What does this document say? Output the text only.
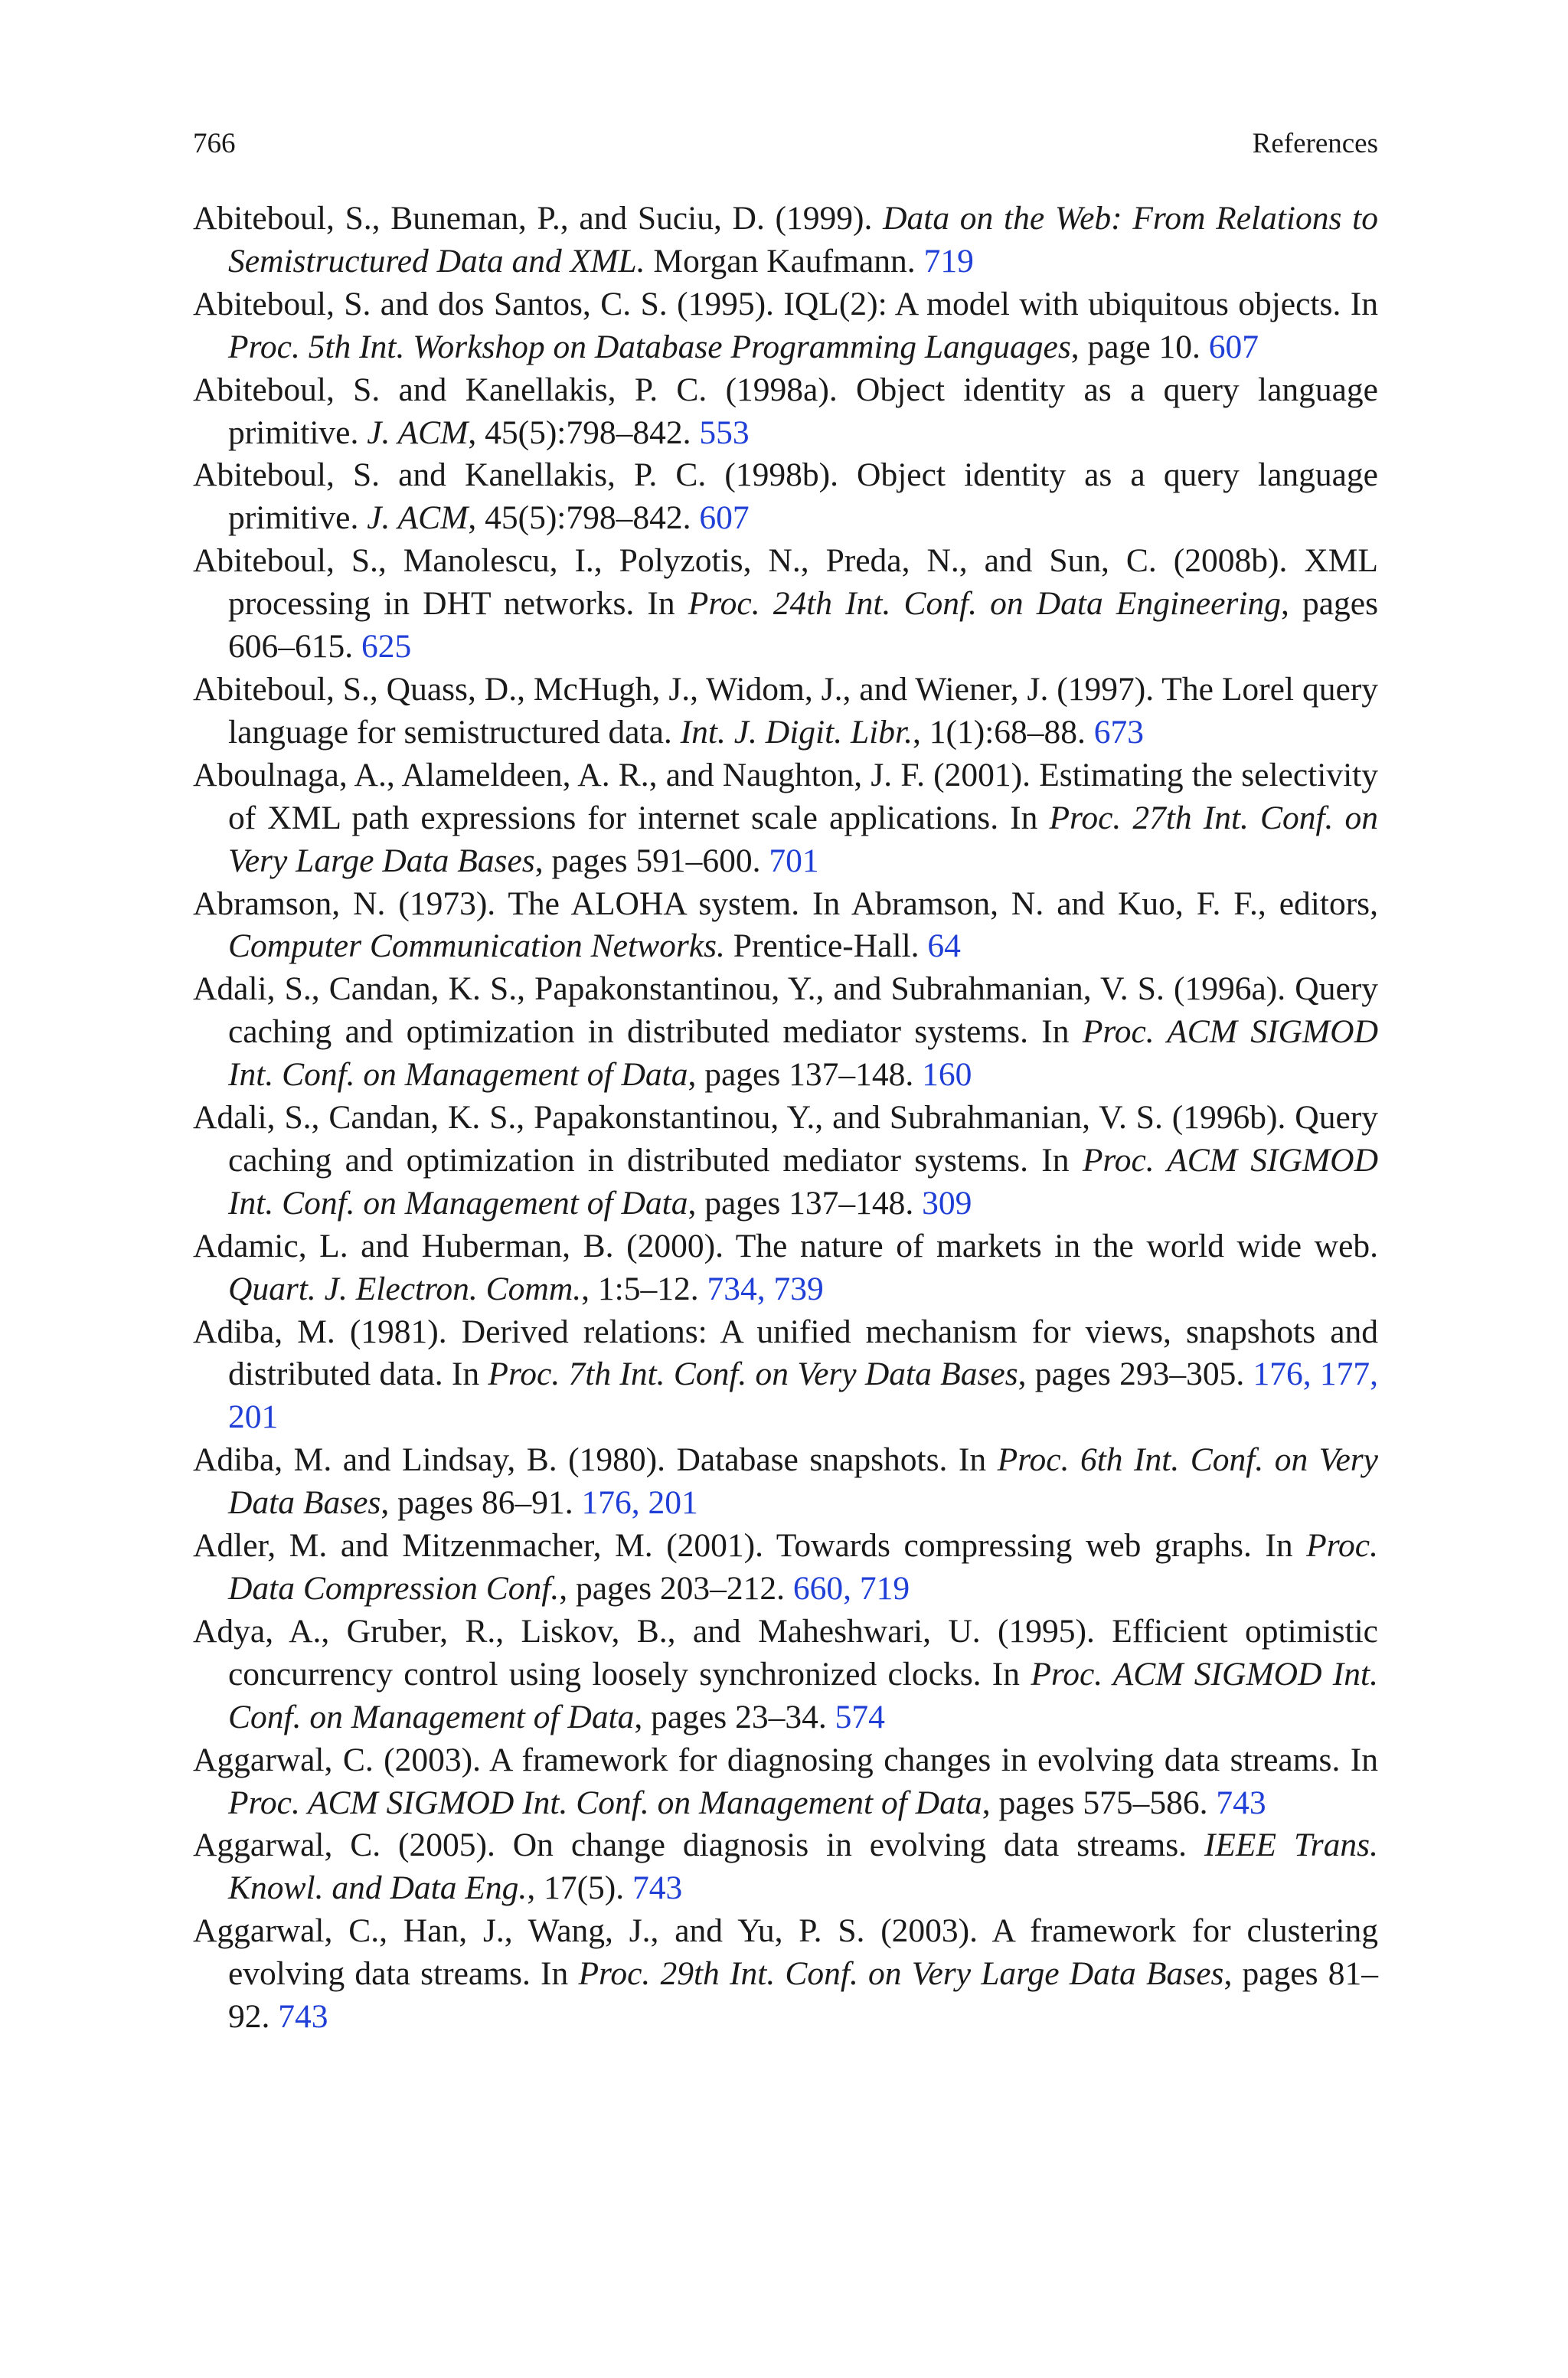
766	References
Abiteboul, S., Buneman, P., and Suciu, D. (1999). Data on the Web: From Relations to Semistructured Data and XML. Morgan Kaufmann. 719
Abiteboul, S. and dos Santos, C. S. (1995). IQL(2): A model with ubiquitous objects. In Proc. 5th Int. Workshop on Database Programming Languages, page 10. 607
Abiteboul, S. and Kanellakis, P. C. (1998a). Object identity as a query language primitive. J. ACM, 45(5):798–842. 553
Abiteboul, S. and Kanellakis, P. C. (1998b). Object identity as a query language primitive. J. ACM, 45(5):798–842. 607
Abiteboul, S., Manolescu, I., Polyzotis, N., Preda, N., and Sun, C. (2008b). XML processing in DHT networks. In Proc. 24th Int. Conf. on Data Engineering, pages 606–615. 625
Abiteboul, S., Quass, D., McHugh, J., Widom, J., and Wiener, J. (1997). The Lorel query language for semistructured data. Int. J. Digit. Libr., 1(1):68–88. 673
Aboulnaga, A., Alameldeen, A. R., and Naughton, J. F. (2001). Estimating the selectivity of XML path expressions for internet scale applications. In Proc. 27th Int. Conf. on Very Large Data Bases, pages 591–600. 701
Abramson, N. (1973). The ALOHA system. In Abramson, N. and Kuo, F. F., editors, Computer Communication Networks. Prentice-Hall. 64
Adali, S., Candan, K. S., Papakonstantinou, Y., and Subrahmanian, V. S. (1996a). Query caching and optimization in distributed mediator systems. In Proc. ACM SIGMOD Int. Conf. on Management of Data, pages 137–148. 160
Adali, S., Candan, K. S., Papakonstantinou, Y., and Subrahmanian, V. S. (1996b). Query caching and optimization in distributed mediator systems. In Proc. ACM SIGMOD Int. Conf. on Management of Data, pages 137–148. 309
Adamic, L. and Huberman, B. (2000). The nature of markets in the world wide web. Quart. J. Electron. Comm., 1:5–12. 734, 739
Adiba, M. (1981). Derived relations: A unified mechanism for views, snapshots and distributed data. In Proc. 7th Int. Conf. on Very Data Bases, pages 293–305. 176, 177, 201
Adiba, M. and Lindsay, B. (1980). Database snapshots. In Proc. 6th Int. Conf. on Very Data Bases, pages 86–91. 176, 201
Adler, M. and Mitzenmacher, M. (2001). Towards compressing web graphs. In Proc. Data Compression Conf., pages 203–212. 660, 719
Adya, A., Gruber, R., Liskov, B., and Maheshwari, U. (1995). Efficient optimistic concurrency control using loosely synchronized clocks. In Proc. ACM SIGMOD Int. Conf. on Management of Data, pages 23–34. 574
Aggarwal, C. (2003). A framework for diagnosing changes in evolving data streams. In Proc. ACM SIGMOD Int. Conf. on Management of Data, pages 575–586. 743
Aggarwal, C. (2005). On change diagnosis in evolving data streams. IEEE Trans. Knowl. and Data Eng., 17(5). 743
Aggarwal, C., Han, J., Wang, J., and Yu, P. S. (2003). A framework for clustering evolving data streams. In Proc. 29th Int. Conf. on Very Large Data Bases, pages 81–92. 743
